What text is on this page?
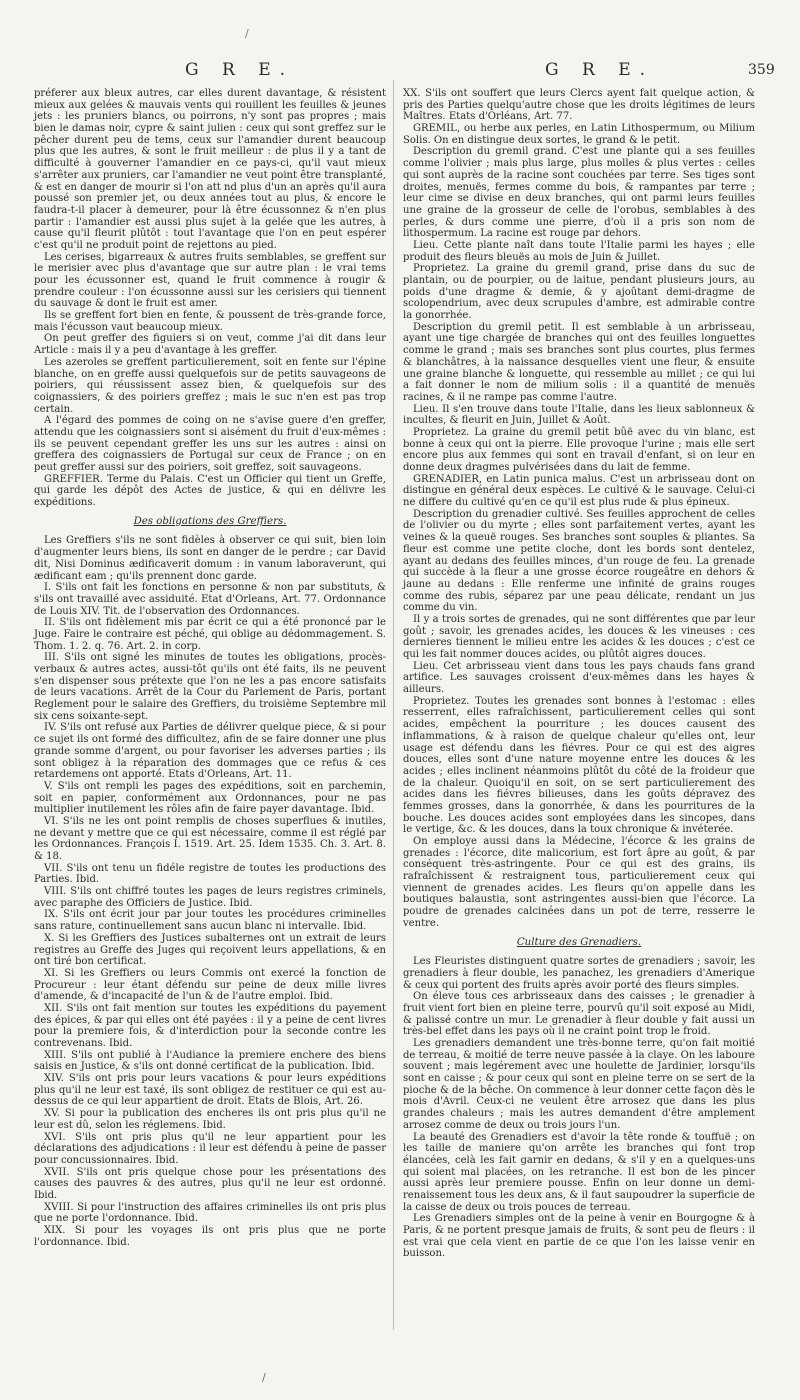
/
G R E.	G R E.	359

préferer aux bleux autres, car elles durent davantage, & résistent mieux aux gelées & mauvais vents qui rouillent les feuilles & jeunes jets : les pruniers blancs, ou poirrons, n'y sont pas propres ; mais bien le damas noir, cypre & saint julien : ceux qui sont greffez sur le pêcher durent peu de tems, ceux sur l'amandier durent beaucoup plus que les autres, & sont le fruit meilleur : de plus il y a tant de difficulté à gouverner l'amandier en ce pays-ci, qu'il vaut mieux s'arrêter aux pruniers, car l'amandier ne veut point être transplanté, & est en danger de mourir si l'on att nd plus d'un an après qu'il aura poussé son premier jet, ou deux années tout au plus, & encore le faudra-t-il placer à demeurer, pour là être écussonnez & n'en plus partir : l'amandier est aussi plus sujet à la gelée que les autres, à cause qu'il fleurit plûtôt : tout l'avantage que l'on en peut espérer c'est qu'il ne produit point de rejettons au pied.

Les cerises, bigarreaux & autres fruits semblables, se greffent sur le merisier avec plus d'avantage que sur autre plan : le vrai tems pour les écussonner est, quand le fruit commence à rougir & prendre couleur : l'on écussonne aussi sur les cerisiers qui tiennent du sauvage & dont le fruit est amer.

Ils se greffent fort bien en fente, & poussent de très-grande force, mais l'écusson vaut beaucoup mieux.

On peut greffer des figuiers si on veut, comme j'ai dit dans leur Article : mais il y a peu d'avantage à les greffer.

Les azeroles se greffent particulierement, soit en fente sur l'épine blanche, on en greffe aussi quelquefois sur de petits sauvageons de poiriers, qui réussissent assez bien, & quelquefois sur des coignassiers, & des poiriers greffez ; mais le suc n'en est pas trop certain.

A l'égard des pommes de coing on ne s'avise guere d'en greffer, attendu que les coignassiers sont si aisément du fruit d'eux-mêmes : ils se peuvent cependant greffer les uns sur les autres : ainsi on greffera des coignassiers de Portugal sur ceux de France ; on en peut greffer aussi sur des poiriers, soit greffez, soit sauvageons.

GREFFIER. Terme du Palais. C'est un Officier qui tient un Greffe, qui garde les dépôt des Actes de justice, & qui en délivre les expéditions.

Des obligations des Greffiers.

Les Greffiers s'ils ne sont fidèles à observer ce qui suit, bien loin d'augmenter leurs biens, ils sont en danger de le perdre ; car David dit, Nisi Dominus ædificaverit domum : in vanum laboraverunt, qui ædificant eam ; qu'ils prennent donc garde.

I. S'ils ont fait les fonctions en personne & non par substituts, & s'ils ont travaillé avec assiduité. Etat d'Orleans, Art. 77. Ordonnance de Louis XIV. Tit. de l'observation des Ordonnances.

II. S'ils ont fidèlement mis par écrit ce qui a été prononcé par le Juge. Faire le contraire est péché, qui oblige au dédommagement. S. Thom. 1. 2. q. 76. Art. 2. in corp.

III. S'ils ont signé les minutes de toutes les obligations, procès-verbaux & autres actes, aussi-tôt qu'ils ont été faits, ils ne peuvent s'en dispenser sous prétexte que l'on ne les a pas encore satisfaits de leurs vacations. Arrêt de la Cour du Parlement de Paris, portant Reglement pour le salaire des Greffiers, du troisième Septembre mil six cens soixante-sept.

IV. S'ils ont refusé aux Parties de délivrer quelque piece, & si pour ce sujet ils ont formé des difficultez, afin de se faire donner une plus grande somme d'argent, ou pour favoriser les adverses parties ; ils sont obligez à la réparation des dommages que ce refus & ces retardemens ont apporté. Etats d'Orleans, Art. 11.

V. S'ils ont rempli les pages des expéditions, soit en parchemin, soit en papier, conformément aux Ordonnances, pour ne pas multiplier inutilement les rôles afin de faire payer davantage. Ibid.

VI. S'ils ne les ont point remplis de choses superflues & inutiles, ne devant y mettre que ce qui est nécessaire, comme il est réglé par les Ordonnances. François I. 1519. Art. 25. Idem 1535. Ch. 3. Art. 8. & 18.

VII. S'ils ont tenu un fidéle registre de toutes les productions des Parties. Ibid.

VIII. S'ils ont chiffré toutes les pages de leurs registres criminels, avec paraphe des Officiers de Justice. Ibid.

IX. S'ils ont écrit jour par jour toutes les procédures criminelles sans rature, continuellement sans aucun blanc ni intervalle. Ibid.

X. Si les Greffiers des Justices subalternes ont un extrait de leurs registres au Greffe des Juges qui reçoivent leurs appellations, & en ont tiré bon certificat.

XI. Si les Greffiers ou leurs Commis ont exercé la fonction de Procureur : leur étant défendu sur peine de deux mille livres d'amende, & d'incapacité de l'un & de l'autre emploi. Ibid.

XII. S'ils ont fait mention sur toutes les expéditions du payement des épices, & par qui elles ont été payées : il y a peine de cent livres pour la premiere fois, & d'interdiction pour la seconde contre les contrevenans. Ibid.

XIII. S'ils ont publié à l'Audiance la premiere enchere des biens saisis en Justice, & s'ils ont donné certificat de la publication. Ibid.

XIV. S'ils ont pris pour leurs vacations & pour leurs expéditions plus qu'il ne leur est taxé, ils sont obligez de restituer ce qui est au-dessus de ce qui leur appartient de droit. Etats de Blois, Art. 26.

XV. Si pour la publication des encheres ils ont pris plus qu'il ne leur est dû, selon les réglemens. Ibid.

XVI. S'ils ont pris plus qu'il ne leur appartient pour les déclarations des adjudications : il leur est défendu à peine de passer pour concussionnaires. Ibid.

XVII. S'ils ont pris quelque chose pour les présentations des causes des pauvres & des autres, plus qu'il ne leur est ordonné. Ibid.

XVIII. Si pour l'instruction des affaires criminelles ils ont pris plus que ne porte l'ordonnance. Ibid.

XIX. Si pour les voyages ils ont pris plus que ne porte l'ordonnance. Ibid.

XX. S'ils ont souffert que leurs Clercs ayent fait quelque action, & pris des Parties quelqu'autre chose que les droits légitimes de leurs Maîtres. Etats d'Orléans, Art. 77.

GREMIL, ou herbe aux perles, en Latin Lithospermum, ou Milium Solis. On en distingue deux sortes, le grand & le petit.

Description du gremil grand. C'est une plante qui a ses feuilles comme l'olivier ; mais plus large, plus molles & plus vertes : celles qui sont auprès de la racine sont couchées par terre. Ses tiges sont droites, menuës, fermes comme du bois, & rampantes par terre ; leur cime se divise en deux branches, qui ont parmi leurs feuilles une graine de la grosseur de celle de l'orobus, semblables à des perles, & durs comme une pierre, d'où il a pris son nom de lithospermum. La racine est rouge par dehors.

Lieu. Cette plante naît dans toute l'Italie parmi les hayes ; elle produit des fleurs bleuës au mois de Juin & Juillet.

Proprietez. La graine du gremil grand, prise dans du suc de plantain, ou de pourpier, ou de laitue, pendant plusieurs jours, au poids d'une dragme & demie, & y ajoûtant demi-dragme de scolopendrium, avec deux scrupules d'ambre, est admirable contre la gonorrhée.

Description du gremil petit. Il est semblable à un arbrisseau, ayant une tige chargée de branches qui ont des feuilles longuettes comme le grand ; mais ses branches sont plus courtes, plus fermes & blanchâtres, à la naissance desquelles vient une fleur, & ensuite une graine blanche & longuette, qui ressemble au millet ; ce qui lui a fait donner le nom de milium solis : il a quantité de menuës racines, & il ne rampe pas comme l'autre.

Lieu. Il s'en trouve dans toute l'Italie, dans les lieux sablonneux & incultes, & fleurit en Juin, Juillet & Août.

Proprietez. La graine du gremil petit bûë avec du vin blanc, est bonne à ceux qui ont la pierre. Elle provoque l'urine ; mais elle sert encore plus aux femmes qui sont en travail d'enfant, si on leur en donne deux dragmes pulvérisées dans du lait de femme.

GRENADIER, en Latin punica malus. C'est un arbrisseau dont on distingue en général deux espèces. Le cultivé & le sauvage. Celui-ci ne differe du cultivé qu'en ce qu'il est plus rude & plus épineux.

Description du grenadier cultivé. Ses feuilles approchent de celles de l'olivier ou du myrte ; elles sont parfaitement vertes, ayant les veines & la queuë rouges. Ses branches sont souples & pliantes. Sa fleur est comme une petite cloche, dont les bords sont dentelez, ayant au dedans des feuilles minces, d'un rouge de feu. La grenade qui succède à la fleur a une grosse écorce rougeâtre en dehors & jaune au dedans : Elle renferme une infinité de grains rouges comme des rubis, séparez par une peau délicate, rendant un jus comme du vin.

Il y a trois sortes de grenades, qui ne sont différentes que par leur goût ; savoir, les grenades acides, les douces & les vineuses : ces dernieres tiennent le milieu entre les acides & les douces ; c'est ce qui les fait nommer douces acides, ou plûtôt aigres douces.

Lieu. Cet arbrisseau vient dans tous les pays chauds fans grand artifice. Les sauvages croissent d'eux-mêmes dans les hayes & ailleurs.

Proprietez. Toutes les grenades sont bonnes à l'estomac : elles resserrent, elles rafraîchissent, particulierement celles qui sont acides, empêchent la pourriture ; les douces causent des inflammations, & à raison de quelque chaleur qu'elles ont, leur usage est défendu dans les fiévres. Pour ce qui est des aigres douces, elles sont d'une nature moyenne entre les douces & les acides ; elles inclinent néanmoins plûtôt du côté de la froideur que de la chaleur. Quoiqu'il en soit, on se sert particulierement des acides dans les fiévres bilieuses, dans les goûts dépravez des femmes grosses, dans la gonorrhée, & dans les pourritures de la bouche. Les douces acides sont employées dans les sincopes, dans le vertige, &c. & les douces, dans la toux chronique & invéterée.

On employe aussi dans la Médecine, l'écorce & les grains de grenades : l'écorce, dite malicorium, est fort âpre au goût, & par conséquent très-astringente. Pour ce qui est des grains, ils rafraîchissent & restraignent tous, particulierement ceux qui viennent de grenades acides. Les fleurs qu'on appelle dans les boutiques balaustia, sont astringentes aussi-bien que l'écorce. La poudre de grenades calcinées dans un pot de terre, resserre le ventre.

Culture des Grenadiers.

Les Fleuristes distinguent quatre sortes de grenadiers ; savoir, les grenadiers à fleur double, les panachez, les grenadiers d'Amerique & ceux qui portent des fruits après avoir porté des fleurs simples.

On éleve tous ces arbrisseaux dans des caisses ; le grenadier à fruit vient fort bien en pleine terre, pourvû qu'il soit exposé au Midi, & palissé contre un mur. Le grenadier à fleur double y fait aussi un très-bel effet dans les pays où il ne craint point trop le froid.

Les grenadiers demandent une très-bonne terre, qu'on fait moitié de terreau, & moitié de terre neuve passée à la claye. On les laboure souvent ; mais legérement avec une houlette de Jardinier, lorsqu'ils sont en caisse ; & pour ceux qui sont en pleine terre on se sert de la pioche & de la bêche. On commence à leur donner cette façon dès le mois d'Avril. Ceux-ci ne veulent être arrosez que dans les plus grandes chaleurs ; mais les autres demandent d'être amplement arrosez comme de deux ou trois jours l'un.

La beauté des Grenadiers est d'avoir la tête ronde & touffuë ; on les taille de maniere qu'on arrête les branches qui font trop élancées, celà les fait garnir en dedans, & s'il y en a quelques-uns qui soient mal placées, on les retranche. Il est bon de les pincer aussi après leur premiere pousse. Enfin on leur donne un demi-renaissement tous les deux ans, & il faut saupoudrer la superficie de la caisse de deux ou trois pouces de terreau.

Les Grenadiers simples ont de la peine à venir en Bourgogne & à Paris, & ne portent presque jamais de fruits, & sont peu de fleurs : il est vrai que cela vient en partie de ce que l'on les laisse venir en buisson.

/
